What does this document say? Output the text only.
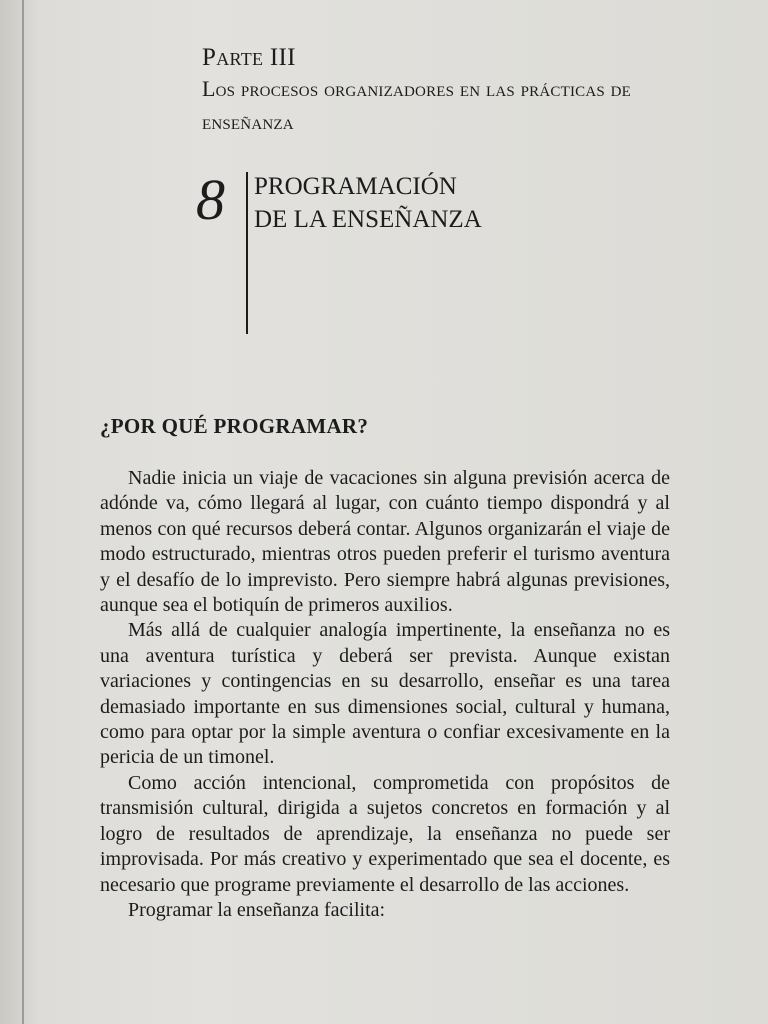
Parte III
Los procesos organizadores en las prácticas de enseñanza
8 PROGRAMACIÓN
DE LA ENSEÑANZA
¿POR QUÉ PROGRAMAR?

Nadie inicia un viaje de vacaciones sin alguna previsión acerca de adónde va, cómo llegará al lugar, con cuánto tiempo dispondrá y al menos con qué recursos deberá contar. Algunos organizarán el viaje de modo estructurado, mientras otros pueden preferir el turismo aventura y el desafío de lo imprevisto. Pero siempre habrá algunas previsiones, aunque sea el botiquín de primeros auxilios.

Más allá de cualquier analogía impertinente, la enseñanza no es una aventura turística y deberá ser prevista. Aunque existan variaciones y contingencias en su desarrollo, enseñar es una tarea demasiado importante en sus dimensiones social, cultural y humana, como para optar por la simple aventura o confiar excesivamente en la pericia de un timonel.

Como acción intencional, comprometida con propósitos de transmisión cultural, dirigida a sujetos concretos en formación y al logro de resultados de aprendizaje, la enseñanza no puede ser improvisada. Por más creativo y experimentado que sea el docente, es necesario que programe previamente el desarrollo de las acciones.

Programar la enseñanza facilita:
